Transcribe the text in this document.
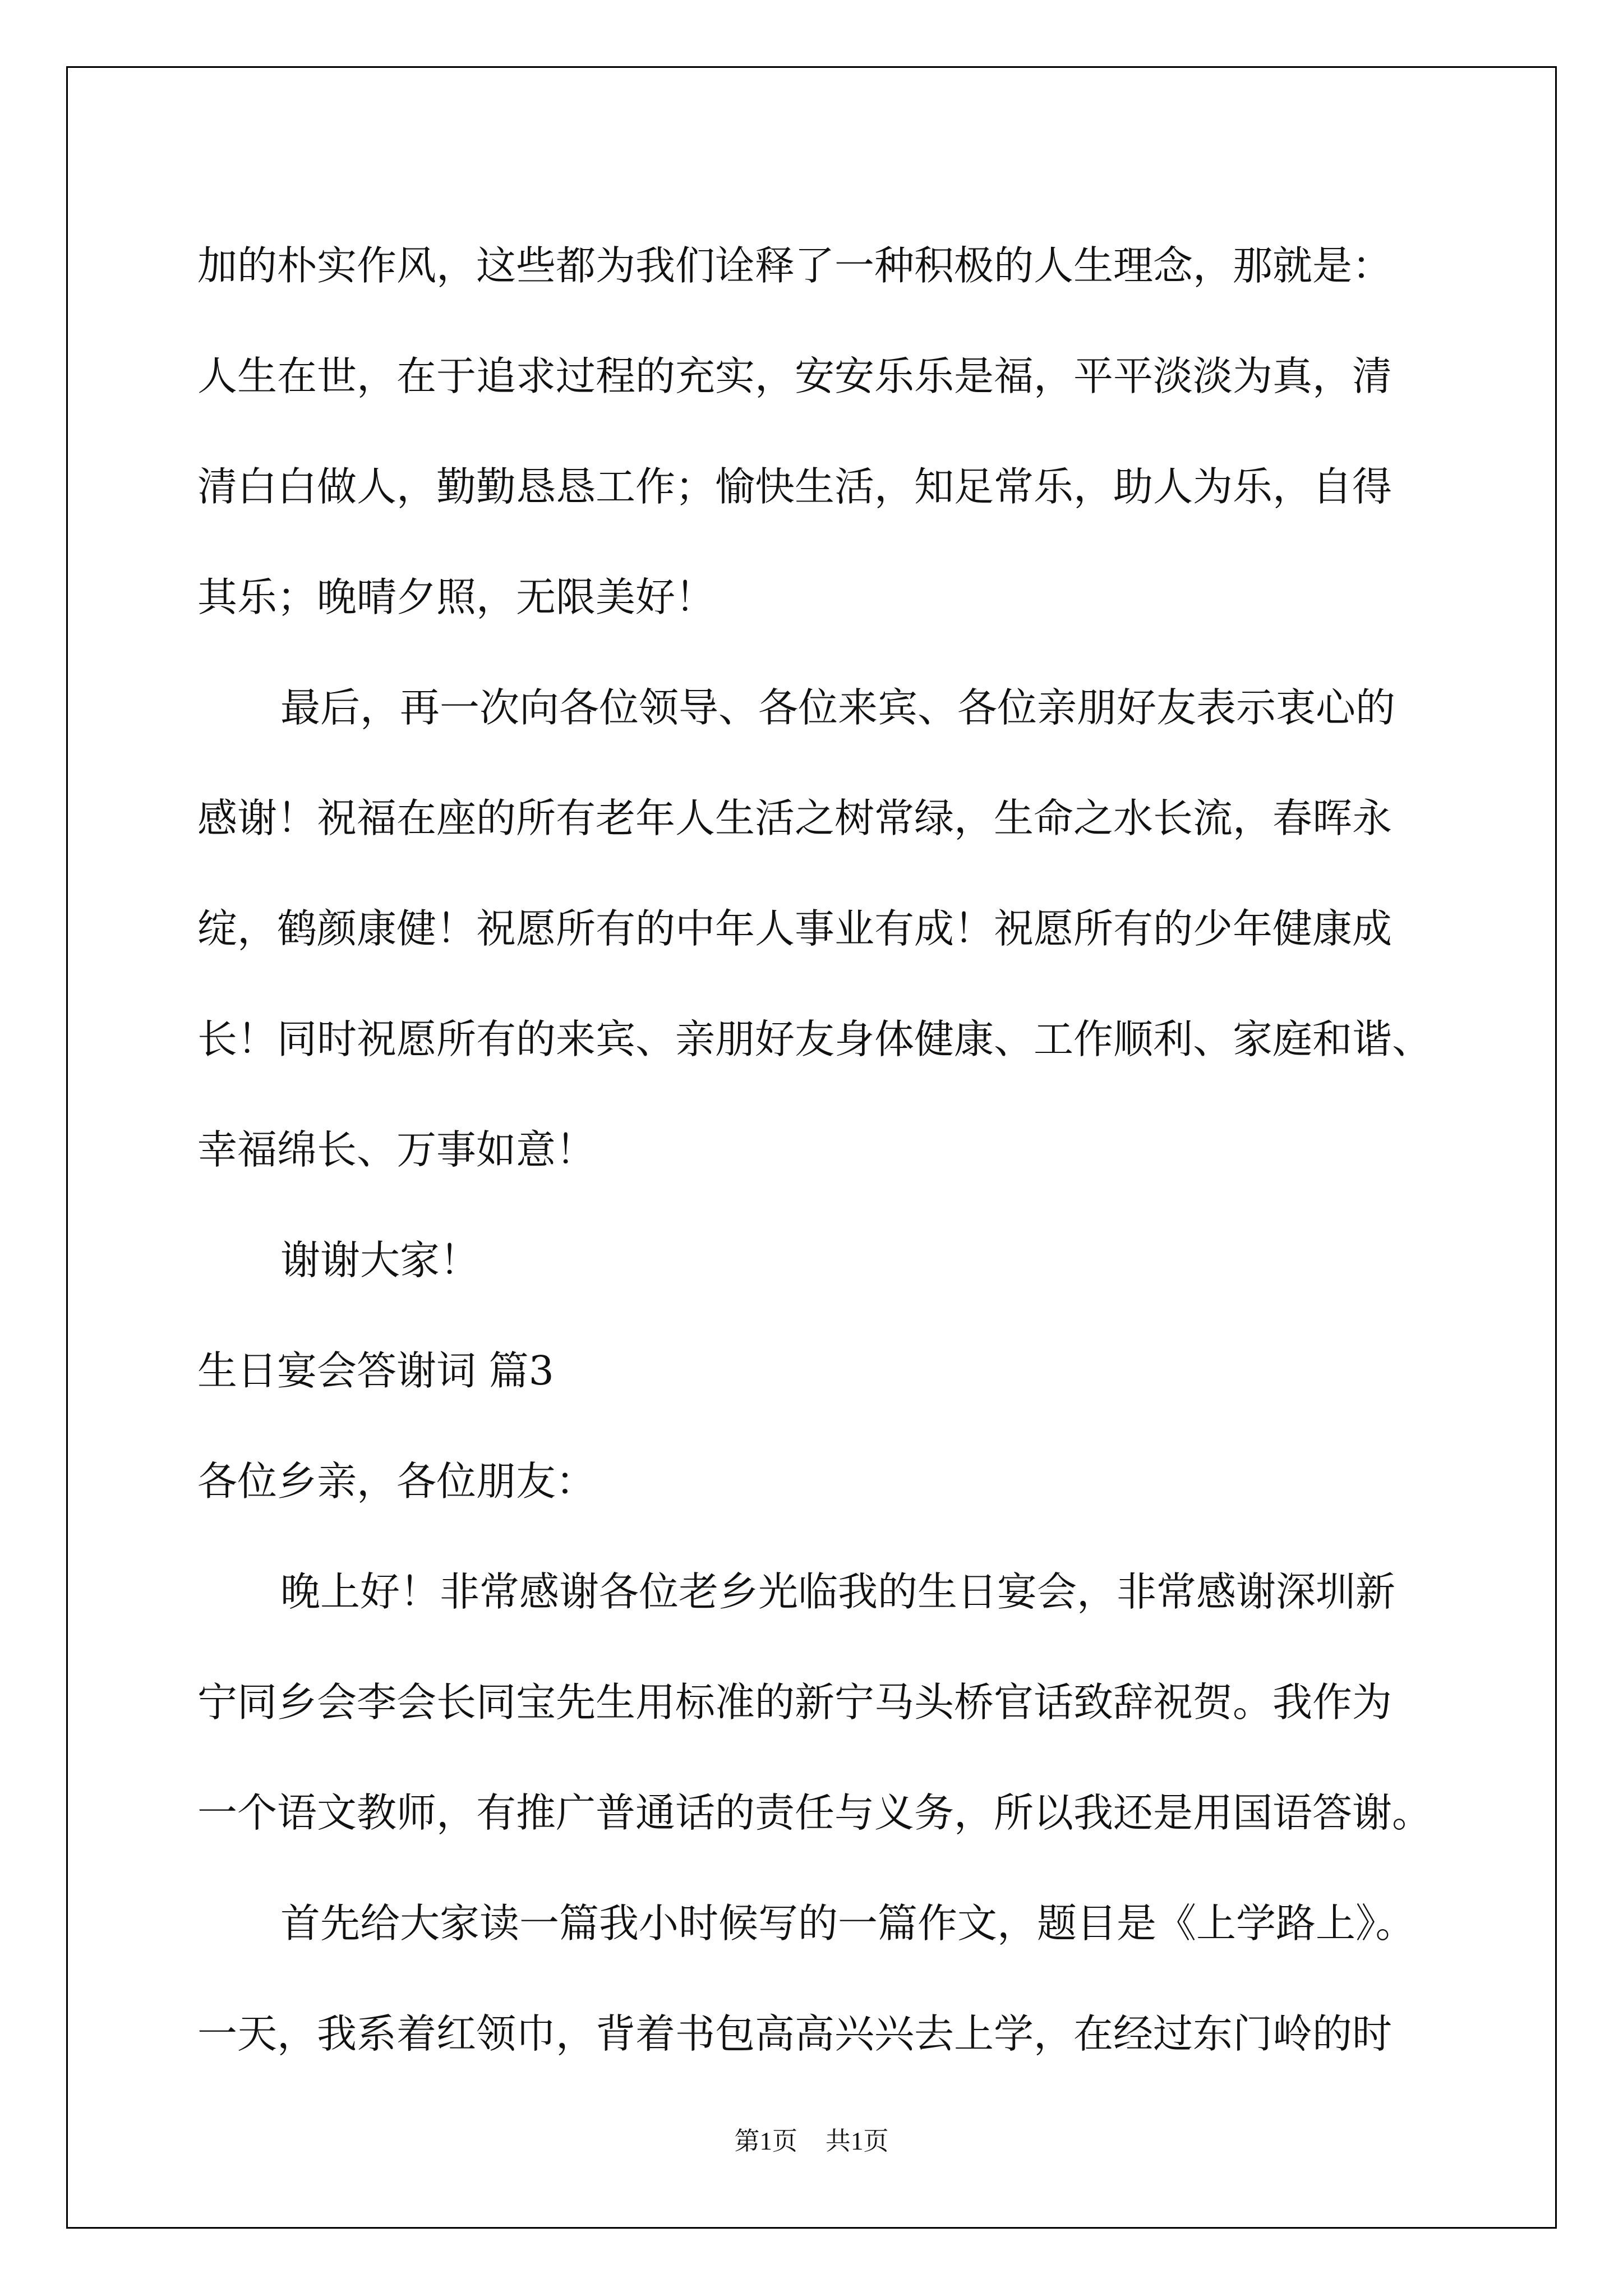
加的朴实作风，这些都为我们诠释了一种积极的人生理念，那就是：
人生在世，在于追求过程的充实，安安乐乐是福，平平淡淡为真，清
清白白做人，勤勤恳恳工作；愉快生活，知足常乐，助人为乐，自得
其乐；晚晴夕照，无限美好！
最后，再一次向各位领导、各位来宾、各位亲朋好友表示衷心的
感谢！祝福在座的所有老年人生活之树常绿，生命之水长流，春晖永
绽，鹤颜康健！祝愿所有的中年人事业有成！祝愿所有的少年健康成
长！同时祝愿所有的来宾、亲朋好友身体健康、工作顺利、家庭和谐、
幸福绵长、万事如意！
谢谢大家！
生日宴会答谢词 篇3
各位乡亲，各位朋友：
晚上好！非常感谢各位老乡光临我的生日宴会，非常感谢深圳新
宁同乡会李会长同宝先生用标准的新宁马头桥官话致辞祝贺。我作为
一个语文教师，有推广普通话的责任与义务，所以我还是用国语答谢。
首先给大家读一篇我小时候写的一篇作文，题目是《上学路上》。
一天，我系着红领巾，背着书包高高兴兴去上学，在经过东门岭的时
第1页 共1页
